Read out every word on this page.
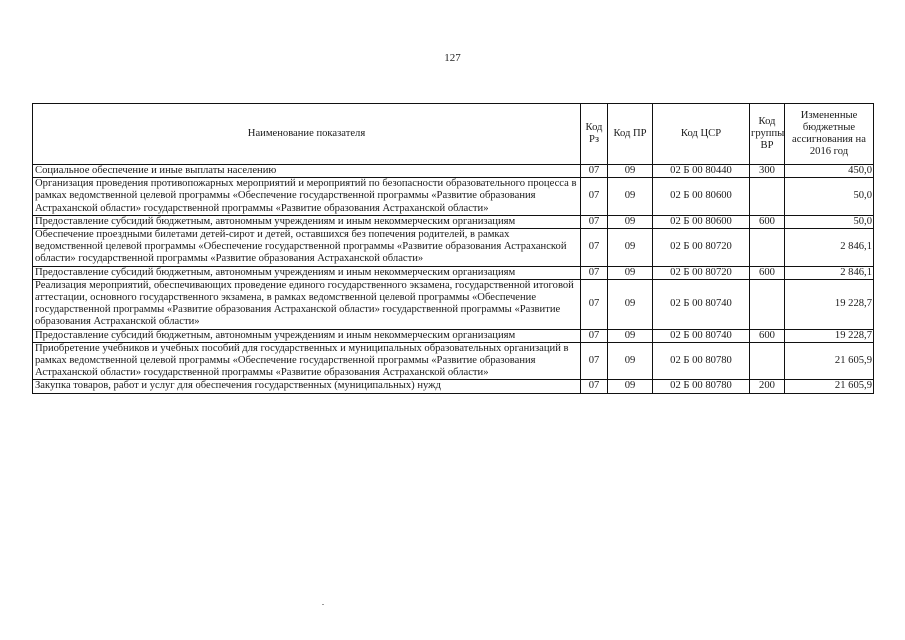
127
Наименование показателя	Код Рз	Код ПР	Код ЦСР	Код группы ВР	Измененные бюджетные ассигнования на 2016 год
Социальное обеспечение и иные выплаты населению	07	09	02 Б 00 80440	300	450,0
Организация проведения противопожарных мероприятий и мероприятий по безопасности образовательного процесса в рамках ведомственной целевой программы «Обеспечение государственной программы «Развитие образования Астраханской области» государственной программы «Развитие образования Астраханской области»	07	09	02 Б 00 80600		50,0
Предоставление субсидий бюджетным, автономным учреждениям и иным некоммерческим организациям	07	09	02 Б 00 80600	600	50,0
Обеспечение проездными билетами детей-сирот и детей, оставшихся без попечения родителей, в рамках ведомственной целевой программы «Обеспечение государственной программы «Развитие образования Астраханской области» государственной программы «Развитие образования Астраханской области»	07	09	02 Б 00 80720		2 846,1
Предоставление субсидий бюджетным, автономным учреждениям и иным некоммерческим организациям	07	09	02 Б 00 80720	600	2 846,1
Реализация мероприятий, обеспечивающих проведение единого государственного экзамена, государственной итоговой аттестации, основного государственного экзамена, в рамках ведомственной целевой программы «Обеспечение государственной программы «Развитие образования Астраханской области» государственной программы «Развитие образования Астраханской области»	07	09	02 Б 00 80740		19 228,7
Предоставление субсидий бюджетным, автономным учреждениям и иным некоммерческим организациям	07	09	02 Б 00 80740	600	19 228,7
Приобретение учебников и учебных пособий для государственных и муниципальных образовательных организаций в рамках ведомственной целевой программы «Обеспечение государственной программы «Развитие образования Астраханской области» государственной программы «Развитие образования Астраханской области»	07	09	02 Б 00 80780		21 605,9
Закупка товаров, работ и услуг для обеспечения государственных (муниципальных) нужд	07	09	02 Б 00 80780	200	21 605,9
